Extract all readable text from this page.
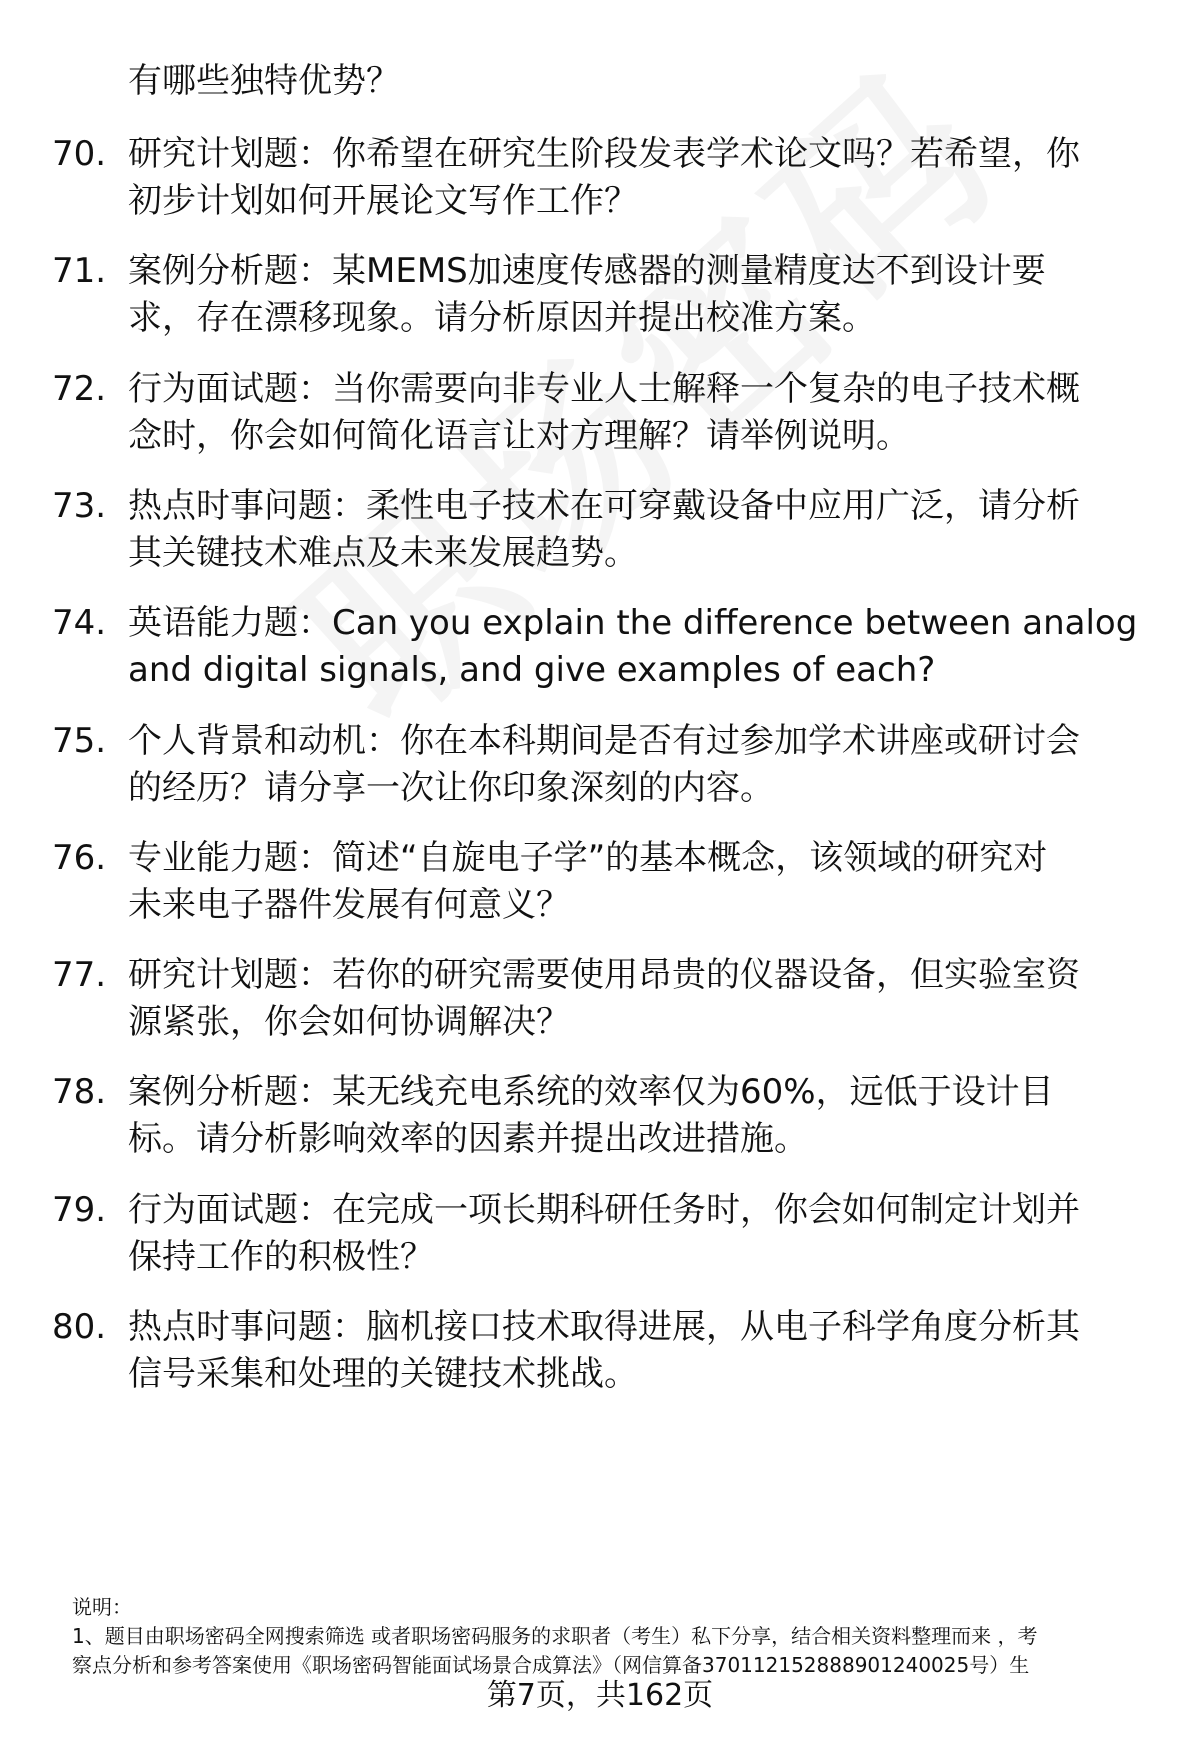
有哪些独特优势？
70. 研究计划题：你希望在研究生阶段发表学术论文吗？若希望，你
初步计划如何开展论文写作工作？
71. 案例分析题：某MEMS加速度传感器的测量精度达不到设计要
求，存在漂移现象。请分析原因并提出校准方案。
72. 行为面试题：当你需要向非专业人士解释一个复杂的电子技术概
念时，你会如何简化语言让对方理解？请举例说明。
73. 热点时事问题：柔性电子技术在可穿戴设备中应用广泛，请分析
其关键技术难点及未来发展趋势。
74. 英语能力题：Can you explain the difference between analog
and digital signals, and give examples of each?
75. 个人背景和动机：你在本科期间是否有过参加学术讲座或研讨会
的经历？请分享一次让你印象深刻的内容。
76. 专业能力题：简述“自旋电子学”的基本概念，该领域的研究对
未来电子器件发展有何意义？
77. 研究计划题：若你的研究需要使用昂贵的仪器设备，但实验室资
源紧张，你会如何协调解决？
78. 案例分析题：某无线充电系统的效率仅为60%，远低于设计目
标。请分析影响效率的因素并提出改进措施。
79. 行为面试题：在完成一项长期科研任务时，你会如何制定计划并
保持工作的积极性？
80. 热点时事问题：脑机接口技术取得进展，从电子科学角度分析其
信号采集和处理的关键技术挑战。
说明：
1、题目由职场密码全网搜索筛选 或者职场密码服务的求职者（考生）私下分享，结合相关资料整理而来 ，考
察点分析和参考答案使用《职场密码智能面试场景合成算法》（网信算备370112152888901240025号）生
第7页，共162页
